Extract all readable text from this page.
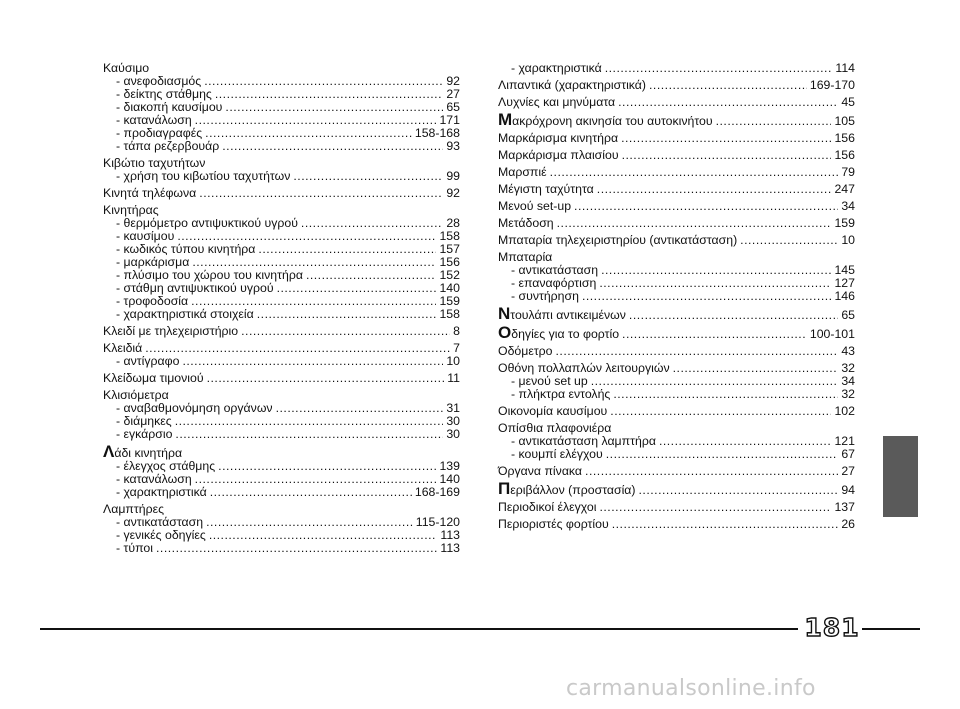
Καύσιμο
- ανεφοδιασμός .....	92
- δείκτης στάθμης .....	27
- διακοπή καυσίμου .....	65
- κατανάλωση .....	171
- προδιαγραφές .....	158-168
- τάπα ρεζερβουάρ .....	93
Κιβώτιο ταχυτήτων
- χρήση του κιβωτίου ταχυτήτων .....	99
Κινητά τηλέφωνα .....	92
Κινητήρας
- θερμόμετρο αντιψυκτικού υγρού .....	28
- καυσίμου .....	158
- κωδικός τύπου κινητήρα .....	157
- μαρκάρισμα .....	156
- πλύσιμο του χώρου του κινητήρα .....	152
- στάθμη αντιψυκτικού υγρού .....	140
- τροφοδοσία .....	159
- χαρακτηριστικά στοιχεία .....	158
Κλειδί με τηλεχειριστήριο .....	8
Κλειδιά .....	7
- αντίγραφο .....	10
Κλείδωμα τιμονιού .....	11
Κλισιόμετρα
- αναβαθμονόμηση οργάνων .....	31
- διάμηκες .....	30
- εγκάρσιο .....	30
Λάδι κινητήρα
- έλεγχος στάθμης .....	139
- κατανάλωση .....	140
- χαρακτηριστικά .....	168-169
Λαμπτήρες
- αντικατάσταση .....	115-120
- γενικές οδηγίες .....	113
- τύποι .....	113
- χαρακτηριστικά .....	114
Λιπαντικά (χαρακτηριστικά) .....	169-170
Λυχνίες και μηνύματα .....	45
Μακρόχρονη ακινησία του αυτοκινήτου .....	105
Μαρκάρισμα κινητήρα .....	156
Μαρκάρισμα πλαισίου .....	156
Μαρσπιέ .....	79
Μέγιστη ταχύτητα .....	247
Μενού set-up .....	34
Μετάδοση .....	159
Μπαταρία τηλεχειριστηρίου (αντικατάσταση) .....	10
Μπαταρία
- αντικατάσταση .....	145
- επαναφόρτιση .....	127
- συντήρηση .....	146
Ντουλάπι αντικειμένων .....	65
Οδηγίες για το φορτίο .....	100-101
Οδόμετρο .....	43
Οθόνη πολλαπλών λειτουργιών .....	32
- μενού set up .....	34
- πλήκτρα εντολής .....	32
Οικονομία καυσίμου .....	102
Οπίσθια πλαφονιέρα
- αντικατάσταση λαμπτήρα .....	121
- κουμπί ελέγχου .....	67
Όργανα πίνακα .....	27
Περιβάλλον (προστασία) .....	94
Περιοδικοί έλεγχοι .....	137
Περιοριστές φορτίου .....	26
181
carmanualsonline.info
